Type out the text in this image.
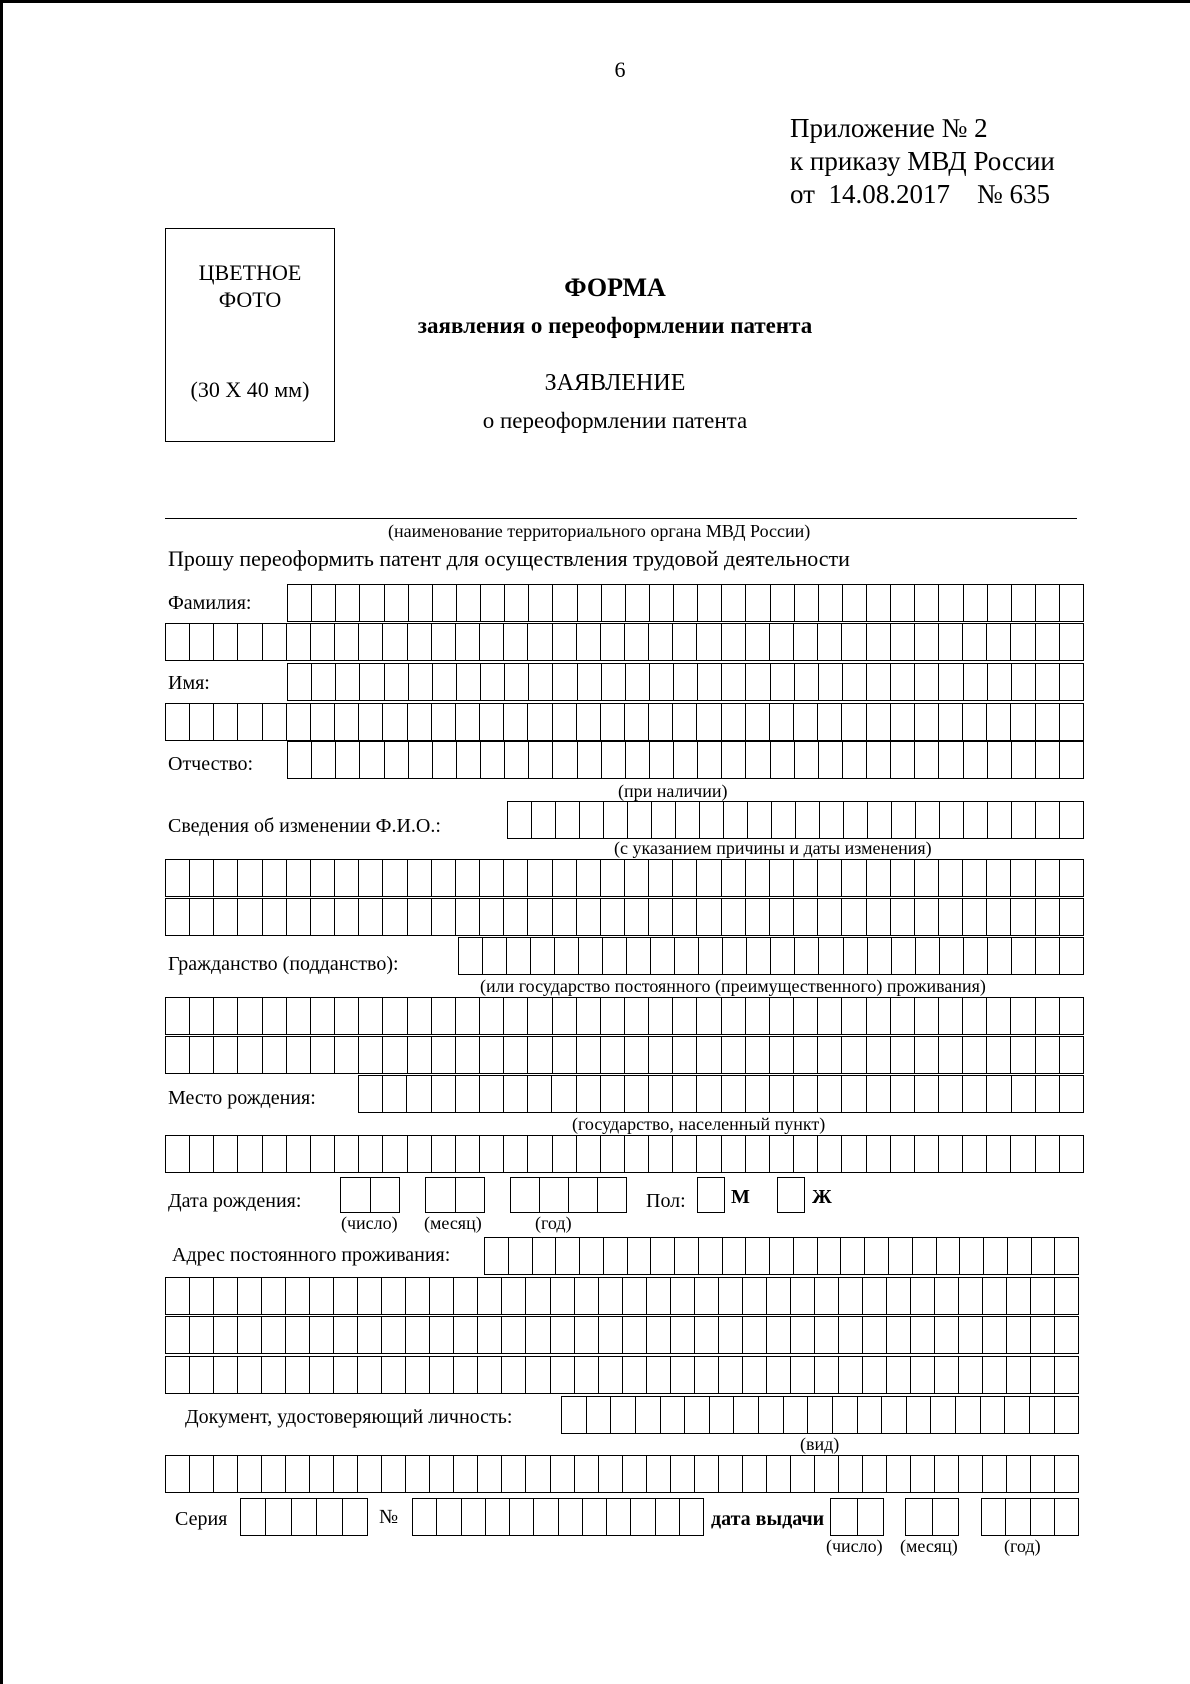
6
Приложение № 2
к приказу МВД России
от  14.08.2017    № 635
ЦВЕТНОЕ
ФОТО
(30 Х 40 мм)
ФОРМА
заявления о переоформлении патента
ЗАЯВЛЕНИЕ
о переоформлении патента
(наименование территориального органа МВД России)
Прошу переоформить патент для осуществления трудовой деятельности
Фамилия:
Имя:
Отчество:
(при наличии)
Сведения об изменении Ф.И.О.:
(с указанием причины и даты изменения)
Гражданство (подданство):
(или государство постоянного (преимущественного) проживания)
Место рождения:
(государство, населенный пункт)
Дата рождения:
(число) (месяц)	(год)
Пол: М	Ж
Адрес постоянного проживания:
Документ, удостоверяющий личность:
(вид)
Серия	№	дата выдачи
(число) (месяц)	(год)
